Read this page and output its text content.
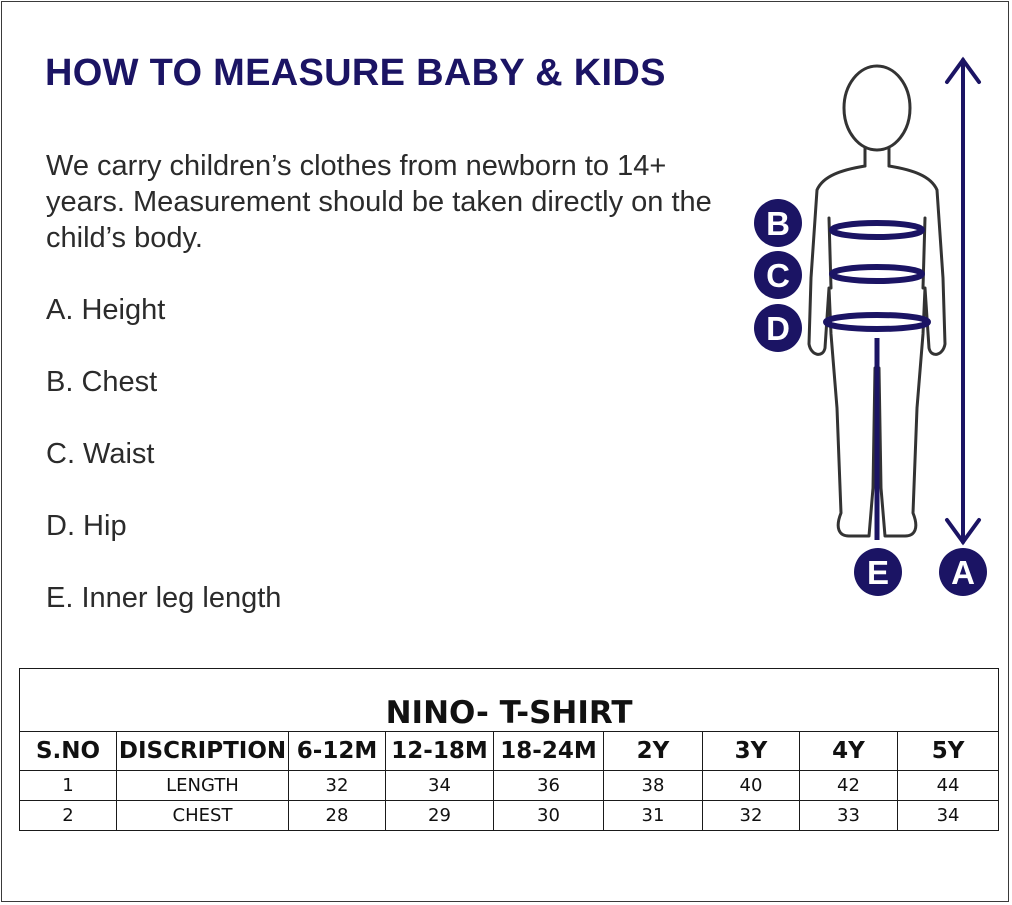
HOW TO MEASURE BABY & KIDS

We carry children’s clothes from newborn to 14+ years. Measurement should be taken directly on the child’s body.

A. Height
B. Chest
C. Waist
D. Hip
E. Inner leg length
B
C
D
E A
NINO- T-SHIRT								
S.NO	DISCRIPTION	6-12M	12-18M	18-24M	2Y	3Y	4Y	5Y
1	LENGTH	32	34	36	38	40	42	44
2	CHEST	28	29	30	31	32	33	34
